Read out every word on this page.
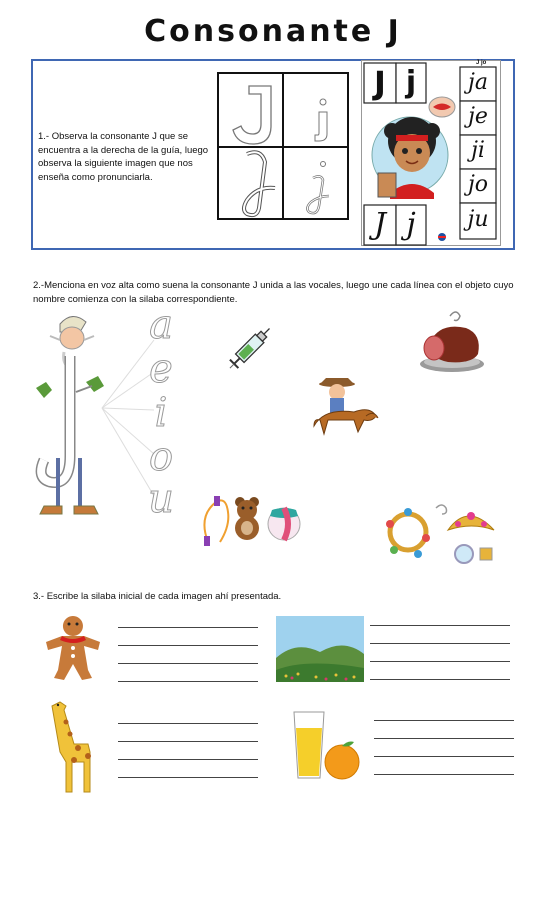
Consonante J
1.- Observa la consonante J que se encuentra a la derecha de la guía, luego observa la siguiente imagen que nos enseña como pronunciarla.
J j
J j
J jo
ja
je
ji
jo
ju
2.-Menciona en voz alta como suena la consonante J unida a las vocales, luego une cada línea con el objeto cuyo nombre comienza con la silaba correspondiente.
a
e
i
o
u
3.- Escribe la silaba inicial de cada imagen ahí presentada.
